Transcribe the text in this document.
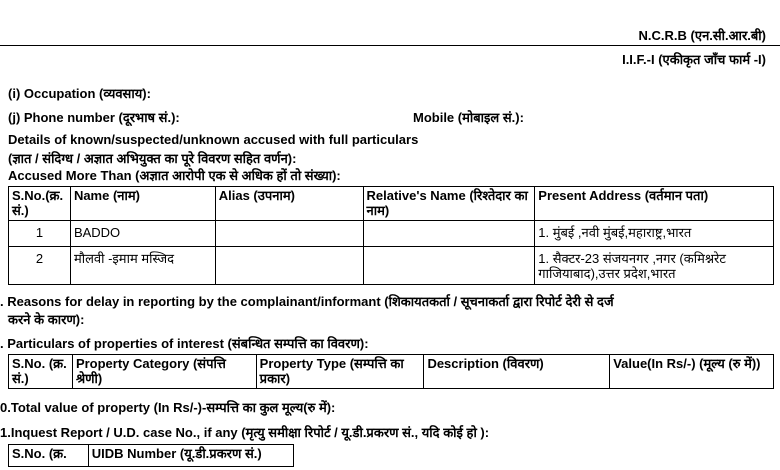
N.C.R.B (एन.सी.आर.बी)
I.I.F.-I (एकीकृत जाँच फार्म -I)
(i) Occupation (व्यवसाय):
(j) Phone number (दूरभाष सं.):	Mobile (मोबाइल सं.):
Details of known/suspected/unknown accused with full particulars
(ज्ञात / संदिग्ध / अज्ञात अभियुक्त का पूरे विवरण सहित वर्णन):
Accused More Than (अज्ञात आरोपी एक से अधिक हों तो संख्या):
S.No.(क्र. सं.)	Name (नाम)	Alias (उपनाम)	Relative's Name (रिश्तेदार का नाम)	Present Address (वर्तमान पता)
1	BADDO			1. मुंबई ,नवी मुंबई,महाराष्ट्र,भारत
2	मौलवी -इमाम मस्जिद			1. सैक्टर-23 संजयनगर ,नगर (कमिश्नरेट गाजियाबाद),उत्तर प्रदेश,भारत
. Reasons for delay in reporting by the complainant/informant (शिकायतकर्ता / सूचनाकर्ता द्वारा रिपोर्ट देरी से दर्ज
करने के कारण):
. Particulars of properties of interest (संबन्धित सम्पत्ति का विवरण):
S.No. (क्र. सं.)	Property Category (संपत्ति श्रेणी)	Property Type (सम्पत्ति का प्रकार)	Description (विवरण)	Value(In Rs/-) (मूल्य (रु में))
0.Total value of property (In Rs/-)-सम्पत्ति का कुल मूल्य(रु में):
1.Inquest Report / U.D. case No., if any (मृत्यु समीक्षा रिपोर्ट / यू.डी.प्रकरण सं., यदि कोई हो ):
S.No. (क्र.	UIDB Number (यू.डी.प्रकरण सं.)
